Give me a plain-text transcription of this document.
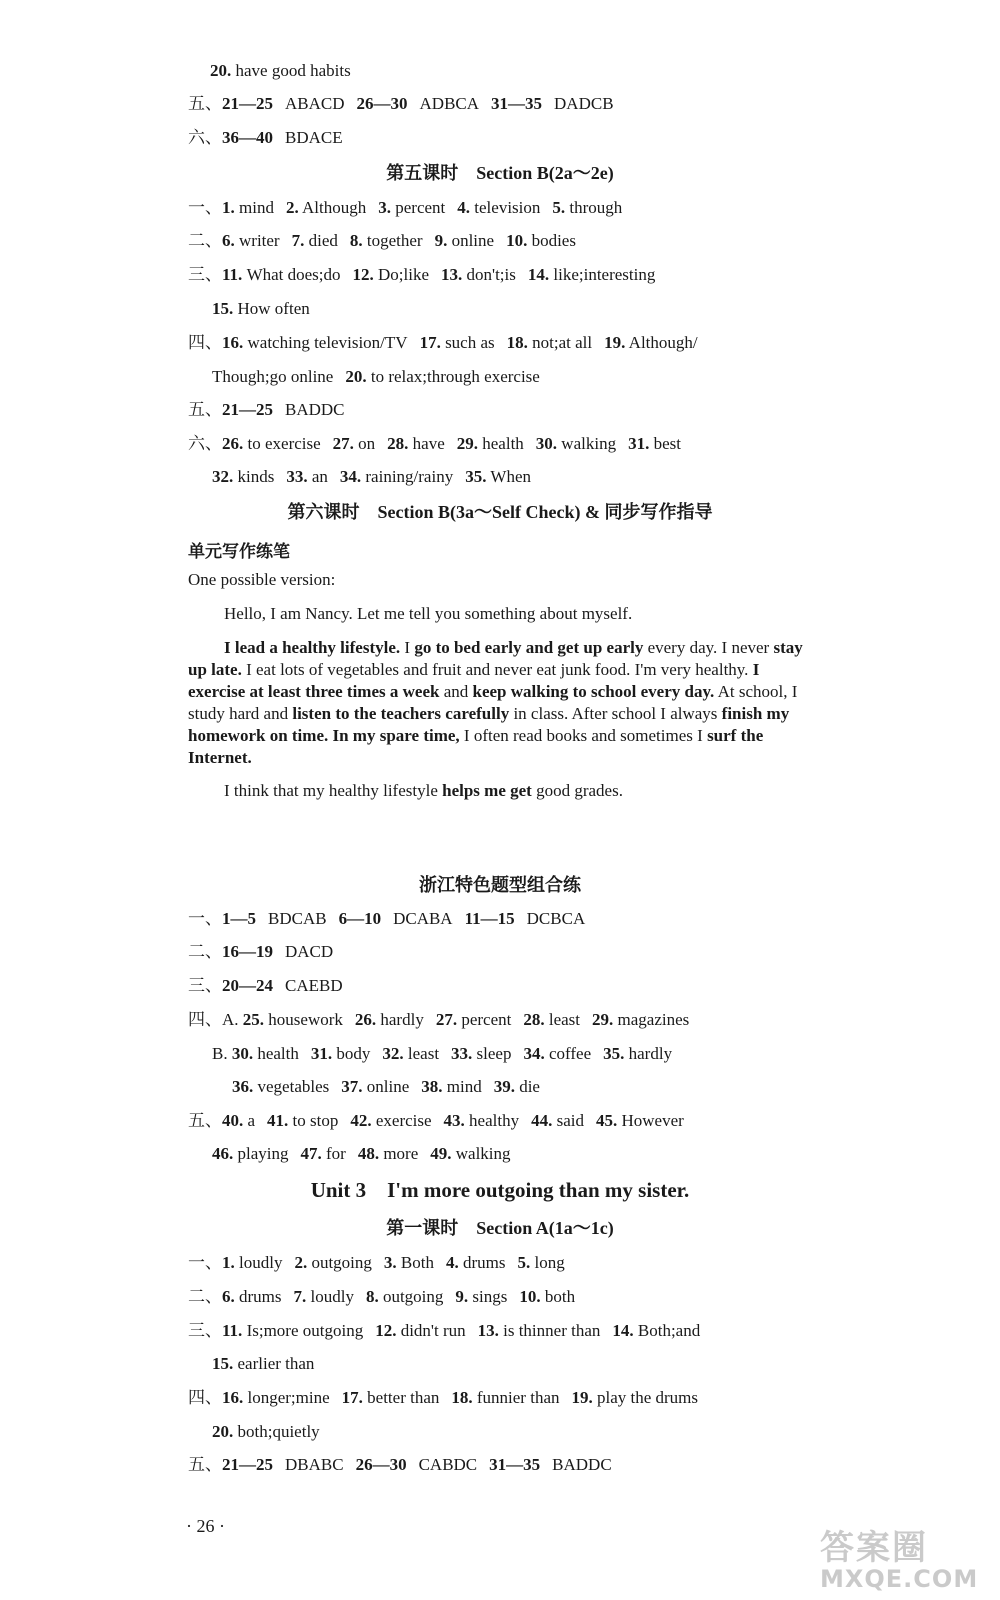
20. have good habits
五、21—25 ABACD 26—30 ADBCA 31—35 DADCB
六、36—40 BDACE
第五课时　Section B(2a～2e)
一、1. mind 2. Although 3. percent 4. television 5. through
二、6. writer 7. died 8. together 9. online 10. bodies
三、11. What does;do 12. Do;like 13. don't;is 14. like;interesting
15. How often
四、16. watching television/TV 17. such as 18. not;at all 19. Although/
Though;go online 20. to relax;through exercise
五、21—25 BADDC
六、26. to exercise 27. on 28. have 29. health 30. walking 31. best
32. kinds 33. an 34. raining/rainy 35. When
第六课时　Section B(3a～Self Check) & 同步写作指导
单元写作练笔
One possible version:

Hello, I am Nancy. Let me tell you something about myself.

I lead a healthy lifestyle. I go to bed early and get up early every day. I never stay up late. I eat lots of vegetables and fruit and never eat junk food. I'm very healthy. I exercise at least three times a week and keep walking to school every day. At school, I study hard and listen to the teachers carefully in class. After school I always finish my homework on time. In my spare time, I often read books and sometimes I surf the Internet.

I think that my healthy lifestyle helps me get good grades.

浙江特色题型组合练
一、1—5 BDCAB 6—10 DCABA 11—15 DCBCA
二、16—19 DACD
三、20—24 CAEBD
四、A. 25. housework 26. hardly 27. percent 28. least 29. magazines
B. 30. health 31. body 32. least 33. sleep 34. coffee 35. hardly
36. vegetables 37. online 38. mind 39. die
五、40. a 41. to stop 42. exercise 43. healthy 44. said 45. However
46. playing 47. for 48. more 49. walking
Unit 3　I'm more outgoing than my sister.
第一课时　Section A(1a～1c)
一、1. loudly 2. outgoing 3. Both 4. drums 5. long
二、6. drums 7. loudly 8. outgoing 9. sings 10. both
三、11. Is;more outgoing 12. didn't run 13. is thinner than 14. Both;and
15. earlier than
四、16. longer;mine 17. better than 18. funnier than 19. play the drums
20. both;quietly
五、21—25 DBABC 26—30 CABDC 31—35 BADDC
· 26 ·
答案圈
MXQE.COM
